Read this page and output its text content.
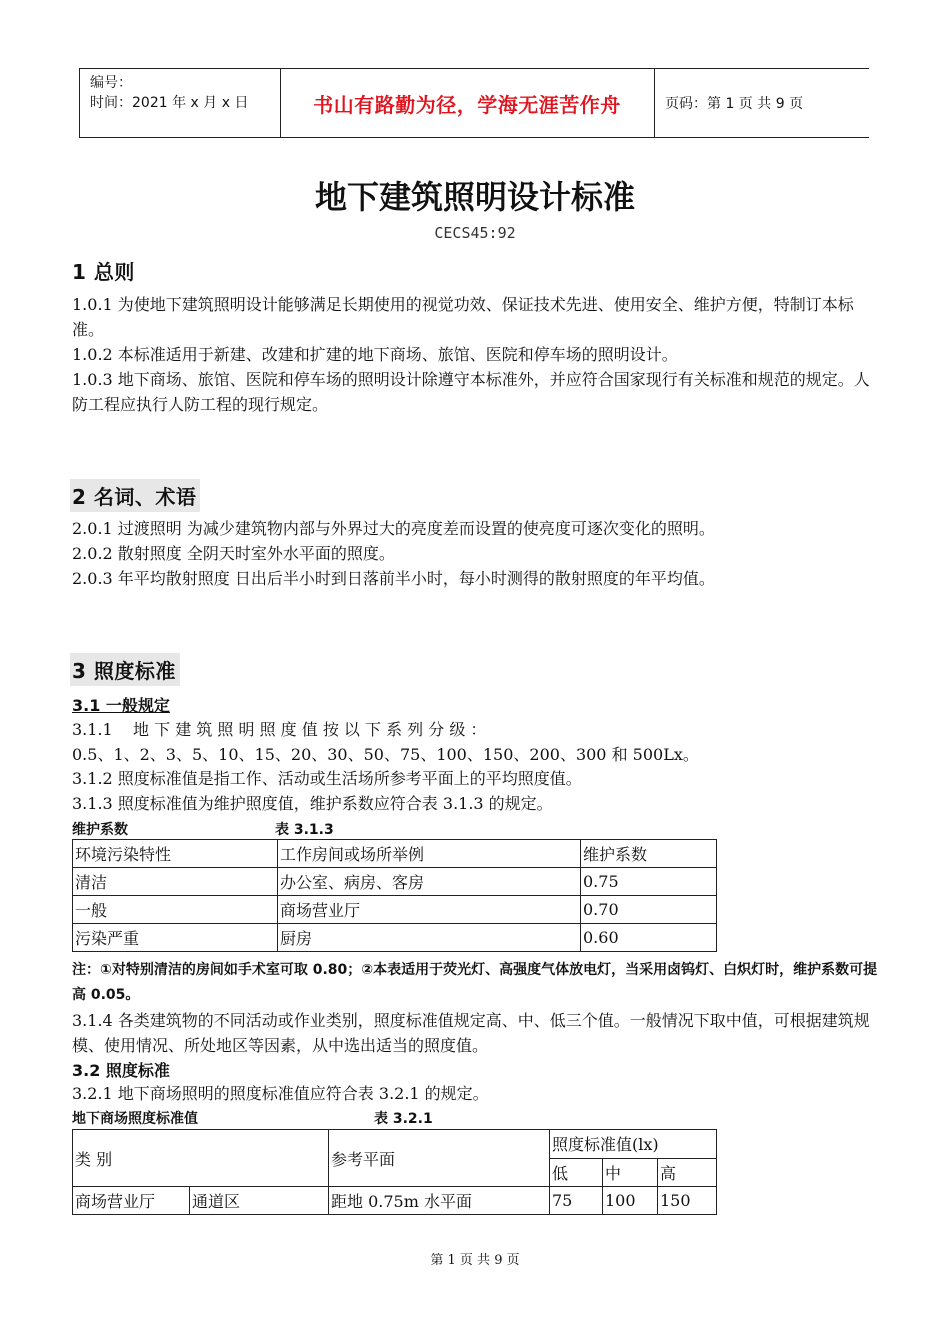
编号：
时间：2021 年 x 月 x 日	书山有路勤为径，学海无涯苦作舟	页码：第 1 页 共 9 页
地下建筑照明设计标准
CECS45:92
1 总则
1.0.1 为使地下建筑照明设计能够满足长期使用的视觉功效、保证技术先进、使用安全、维护方便，特制订本标准。
1.0.2 本标准适用于新建、改建和扩建的地下商场、旅馆、医院和停车场的照明设计。
1.0.3 地下商场、旅馆、医院和停车场的照明设计除遵守本标准外，并应符合国家现行有关标准和规范的规定。人防工程应执行人防工程的现行规定。
2 名词、术语
2.0.1 过渡照明 为减少建筑物内部与外界过大的亮度差而设置的使亮度可逐次变化的照明。
2.0.2 散射照度 全阴天时室外水平面的照度。
2.0.3 年平均散射照度 日出后半小时到日落前半小时，每小时测得的散射照度的年平均值。
3 照度标准
3.1 一般规定
3.1.1    地 下 建 筑 照 明 照 度 值 按 以 下 系 列 分 级 ：
0.5、1、2、3、5、10、15、20、30、50、75、100、150、200、300 和 500Lx。
3.1.2 照度标准值是指工作、活动或生活场所参考平面上的平均照度值。
3.1.3 照度标准值为维护照度值，维护系数应符合表 3.1.3 的规定。
维护系数	表 3.1.3
环境污染特性	工作房间或场所举例	维护系数
清洁	办公室、病房、客房	0.75
一般	商场营业厅	0.70
污染严重	厨房	0.60
注：①对特别清洁的房间如手术室可取 0.80；②本表适用于荧光灯、高强度气体放电灯，当采用卤钨灯、白炽灯时，维护系数可提高 0.05。
3.1.4 各类建筑物的不同活动或作业类别，照度标准值规定高、中、低三个值。一般情况下取中值，可根据建筑规模、使用情况、所处地区等因素，从中选出适当的照度值。
3.2 照度标准
3.2.1 地下商场照明的照度标准值应符合表 3.2.1 的规定。
地下商场照度标准值	表 3.2.1
类 别		参考平面	照度标准值(lx)		
			低	中	高
商场营业厅	通道区	距地 0.75m 水平面	75	100	150
第 1 页 共 9 页
